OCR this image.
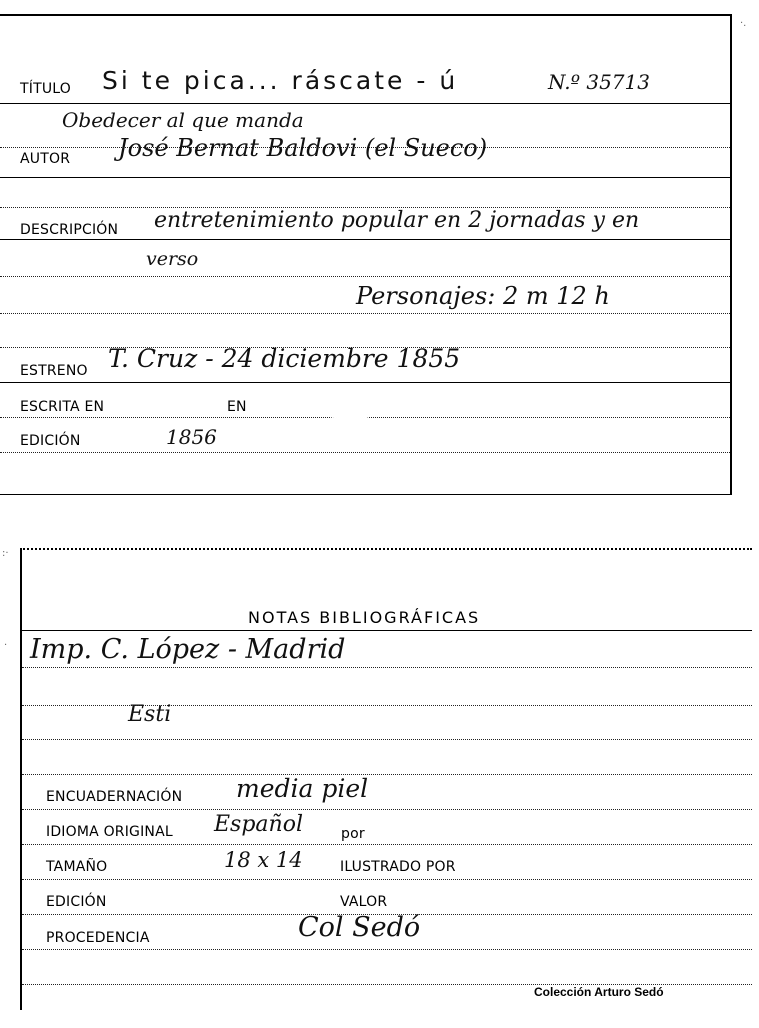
TÍTULO Si te pica... ráscate - ú	N.º 35713
Obedecer al que manda
AUTOR José Bernat Baldovi (el Sueco)
DESCRIPCIÓN entretenimiento popular en 2 jornadas y en
verso
Personajes: 2 m 12 h
ESTRENO T. Cruz - 24 diciembre 1855
ESCRITA EN	EN
EDICIÓN	1856
·.
NOTAS BIBLIOGRÁFICAS
Imp. C. López - Madrid
Esti
ENCUADERNACIÓN media piel
IDIOMA ORIGINAL Español	por
TAMAÑO	18 x 14	ILUSTRADO POR
EDICIÓN	VALOR
PROCEDENCIA	Col Sedó
Colección Arturo Sedó
:·
·
